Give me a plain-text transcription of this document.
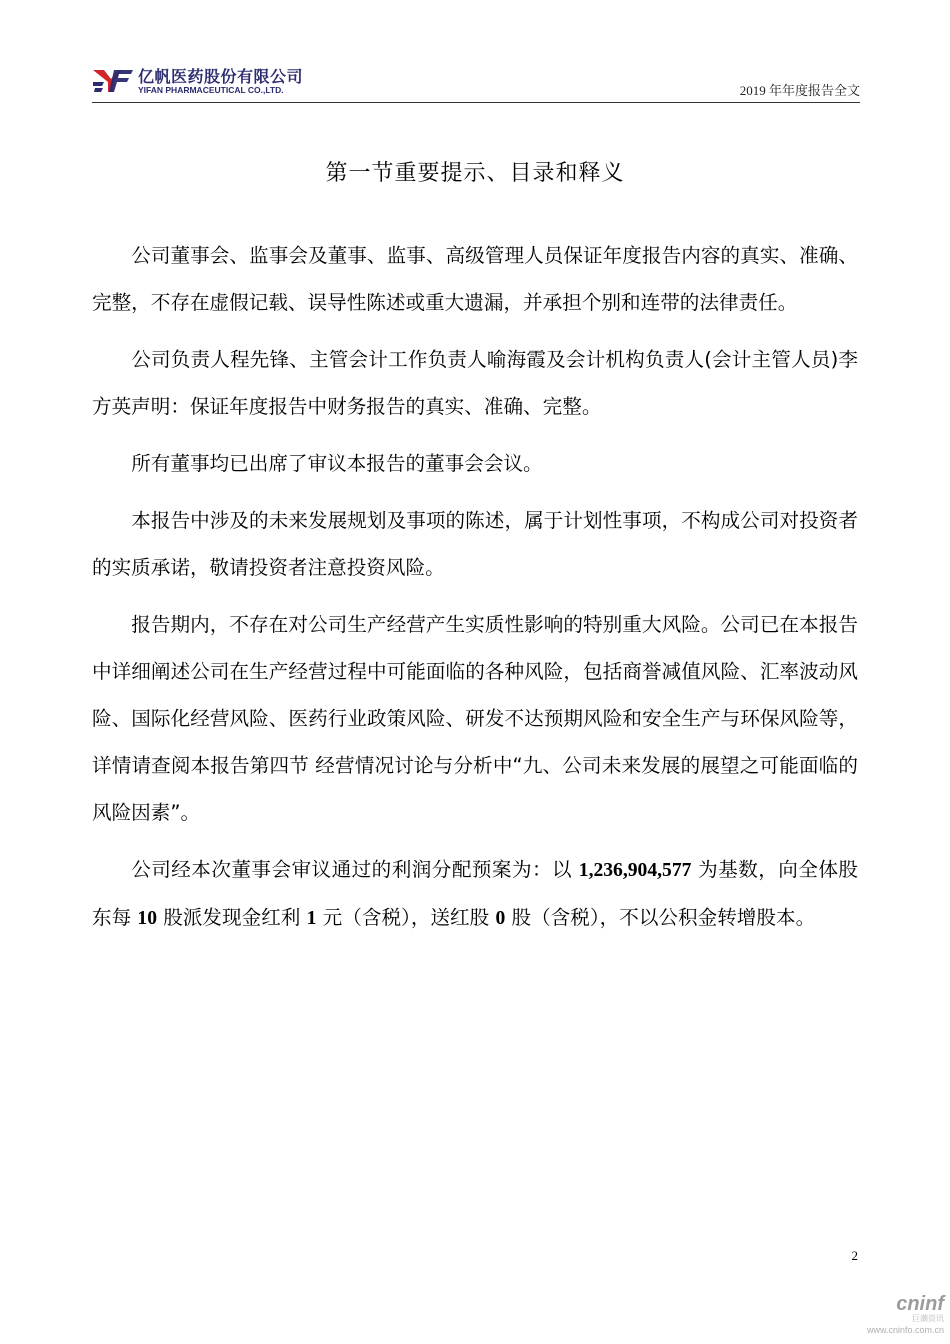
亿帆医药股份有限公司
YIFAN PHARMACEUTICAL CO.,LTD.	2019 年年度报告全文
第一节重要提示、目录和释义

公司董事会、监事会及董事、监事、高级管理人员保证年度报告内容的真实、准确、完整，不存在虚假记载、误导性陈述或重大遗漏，并承担个别和连带的法律责任。

公司负责人程先锋、主管会计工作负责人喻海霞及会计机构负责人(会计主管人员)李方英声明：保证年度报告中财务报告的真实、准确、完整。

所有董事均已出席了审议本报告的董事会会议。

本报告中涉及的未来发展规划及事项的陈述，属于计划性事项，不构成公司对投资者的实质承诺，敬请投资者注意投资风险。

报告期内，不存在对公司生产经营产生实质性影响的特别重大风险。公司已在本报告中详细阐述公司在生产经营过程中可能面临的各种风险，包括商誉减值风险、汇率波动风险、国际化经营风险、医药行业政策风险、研发不达预期风险和安全生产与环保风险等，详情请查阅本报告第四节 经营情况讨论与分析中“九、公司未来发展的展望之可能面临的风险因素”。

公司经本次董事会审议通过的利润分配预案为：以 1,236,904,577 为基数，向全体股东每 10 股派发现金红利 1 元（含税），送红股 0 股（含税），不以公积金转增股本。

2
cninf
巨潮资讯
www.cninfo.com.cn
